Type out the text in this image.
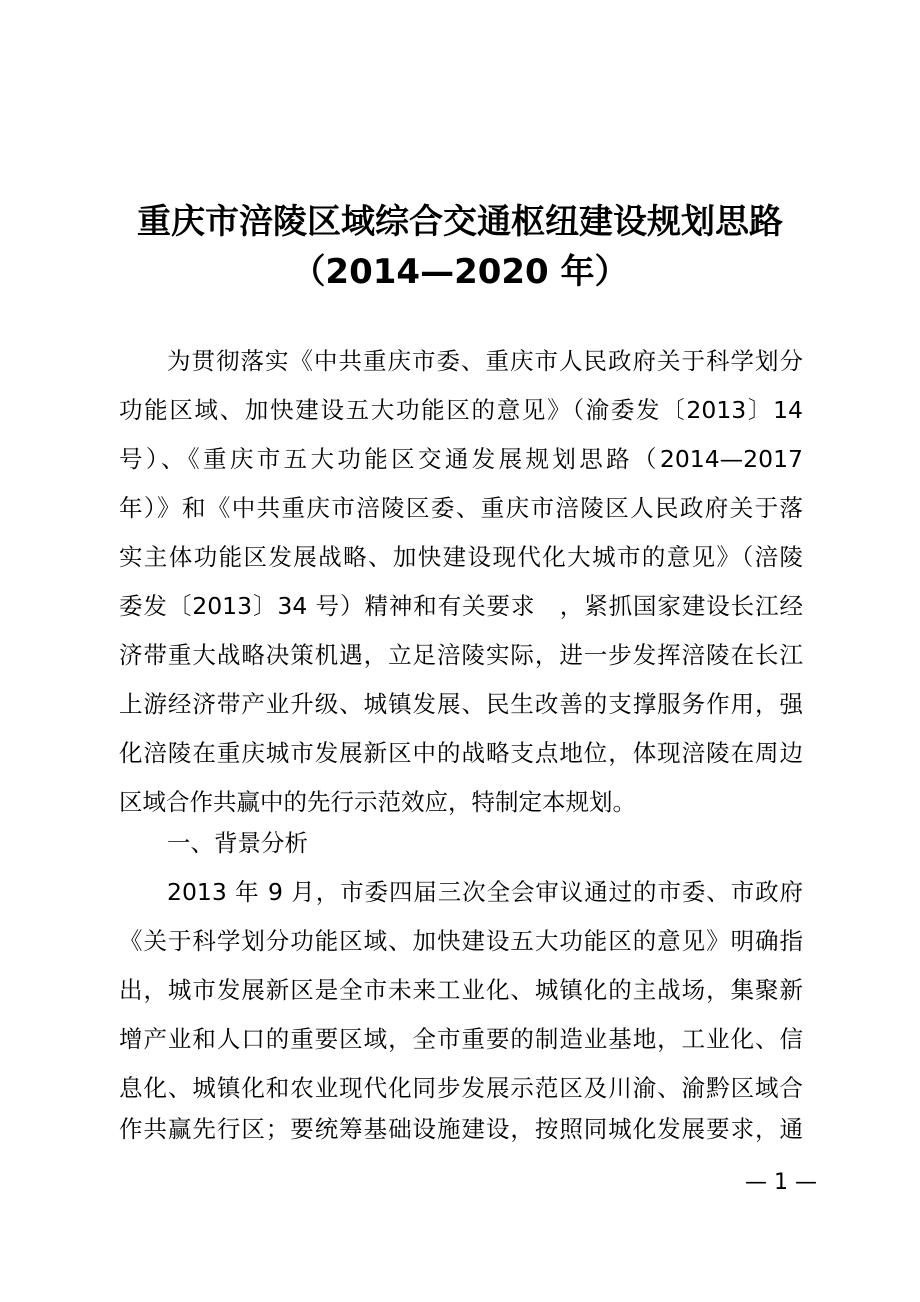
重庆市涪陵区域综合交通枢纽建设规划思路
（2014—2020 年）
为贯彻落实《中共重庆市委、重庆市人民政府关于科学划分
功能区域、加快建设五大功能区的意见》（渝委发〔2013〕14
号）、《重庆市五大功能区交通发展规划思路（2014—2017
年）》和《中共重庆市涪陵区委、重庆市涪陵区人民政府关于落
实主体功能区发展战略、加快建设现代化大城市的意见》（涪陵
委发〔2013〕34 号）精神和有关要求　，紧抓国家建设长江经
济带重大战略决策机遇，立足涪陵实际，进一步发挥涪陵在长江
上游经济带产业升级、城镇发展、民生改善的支撑服务作用，强
化涪陵在重庆城市发展新区中的战略支点地位，体现涪陵在周边
区域合作共赢中的先行示范效应，特制定本规划。
一、背景分析
2013 年 9 月，市委四届三次全会审议通过的市委、市政府
《关于科学划分功能区域、加快建设五大功能区的意见》明确指
出，城市发展新区是全市未来工业化、城镇化的主战场，集聚新
增产业和人口的重要区域，全市重要的制造业基地，工业化、信
息化、城镇化和农业现代化同步发展示范区及川渝、渝黔区域合
作共赢先行区；要统筹基础设施建设，按照同城化发展要求，通
— 1 —
